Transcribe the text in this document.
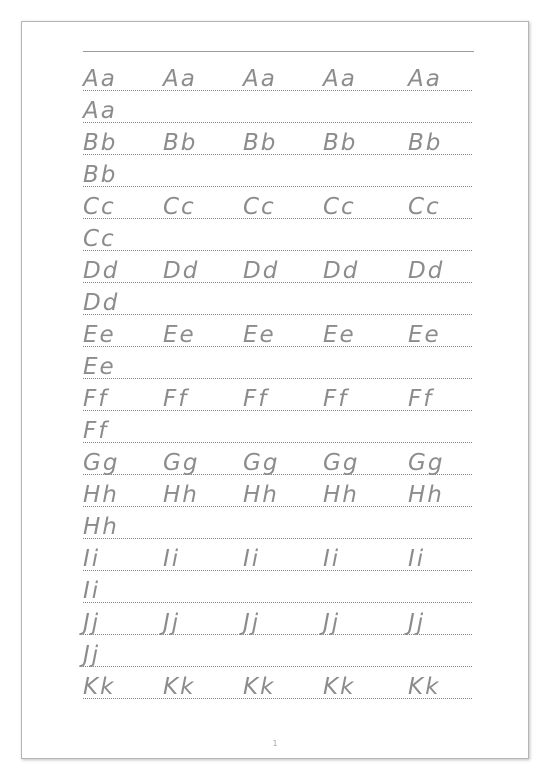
Aa Aa Aa Aa Aa
Aa
Bb Bb Bb Bb Bb
Bb
Cc Cc Cc Cc Cc
Cc
Dd Dd Dd Dd Dd
Dd
Ee Ee Ee Ee Ee
Ee
Ff Ff Ff Ff	Ff
Ff
Gg Gg Gg Gg Gg
Hh Hh Hh Hh Hh
Hh
Ii	Ii	Ii	Ii	Ii
Ii
Jj	Jj	Jj	Jj	Jj
Jj
Kk Kk Kk Kk Kk
1
